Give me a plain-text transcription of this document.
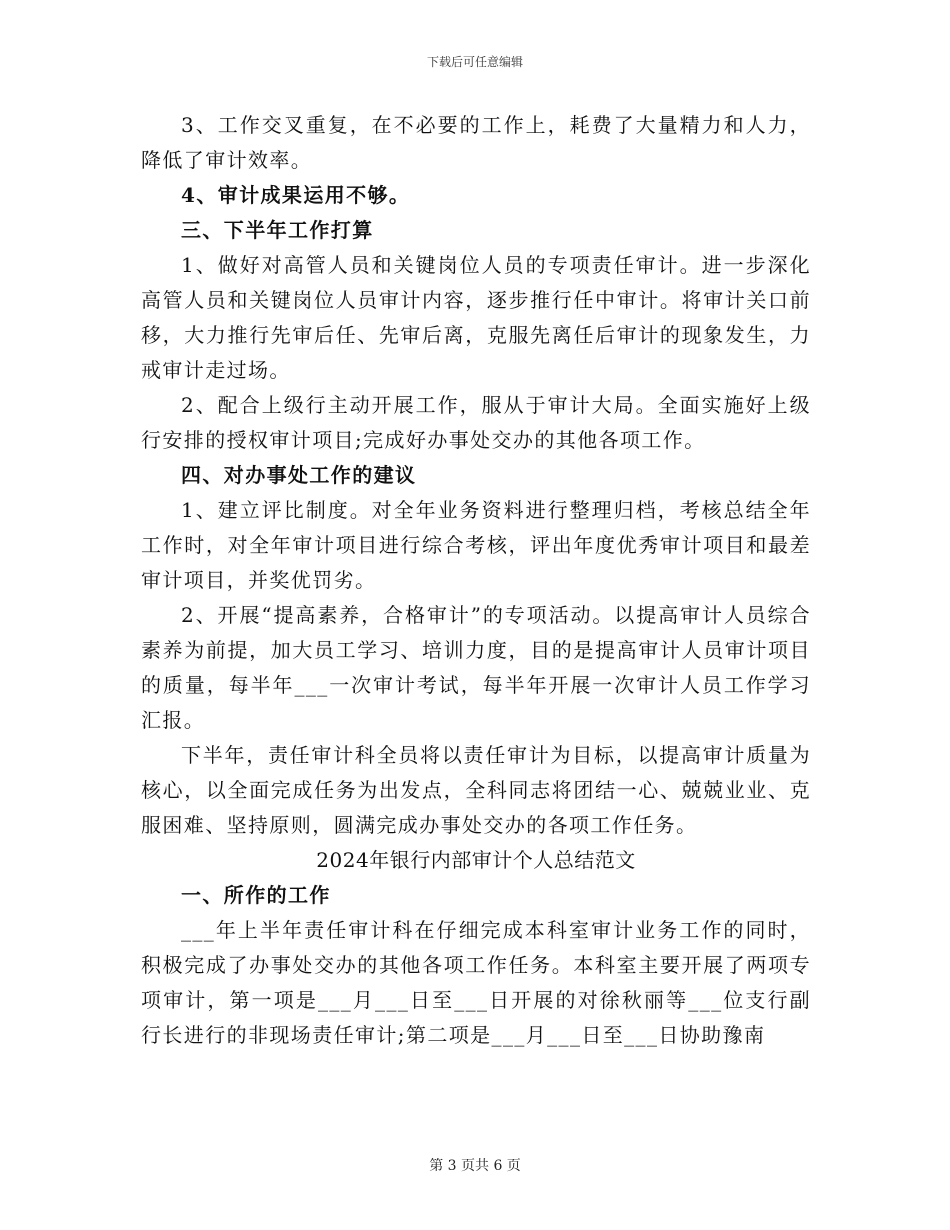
下载后可任意编辑

3、工作交叉重复，在不必要的工作上，耗费了大量精力和人力，降低了审计效率。

4、审计成果运用不够。

三、下半年工作打算

1、做好对高管人员和关键岗位人员的专项责任审计。进一步深化高管人员和关键岗位人员审计内容，逐步推行任中审计。将审计关口前移，大力推行先审后任、先审后离，克服先离任后审计的现象发生，力戒审计走过场。

2、配合上级行主动开展工作，服从于审计大局。全面实施好上级行安排的授权审计项目;完成好办事处交办的其他各项工作。

四、对办事处工作的建议

1、建立评比制度。对全年业务资料进行整理归档，考核总结全年工作时，对全年审计项目进行综合考核，评出年度优秀审计项目和最差审计项目，并奖优罚劣。

2、开展“提高素养，合格审计”的专项活动。以提高审计人员综合素养为前提，加大员工学习、培训力度，目的是提高审计人员审计项目的质量，每半年___一次审计考试，每半年开展一次审计人员工作学习汇报。

下半年，责任审计科全员将以责任审计为目标，以提高审计质量为核心，以全面完成任务为出发点，全科同志将团结一心、兢兢业业、克服困难、坚持原则，圆满完成办事处交办的各项工作任务。

2024年银行内部审计个人总结范文

一、所作的工作

___年上半年责任审计科在仔细完成本科室审计业务工作的同时，积极完成了办事处交办的其他各项工作任务。本科室主要开展了两项专项审计，第一项是___月___日至___日开展的对徐秋丽等___位支行副行长进行的非现场责任审计;第二项是___月___日至___日协助豫南

第 3 页共 6 页
